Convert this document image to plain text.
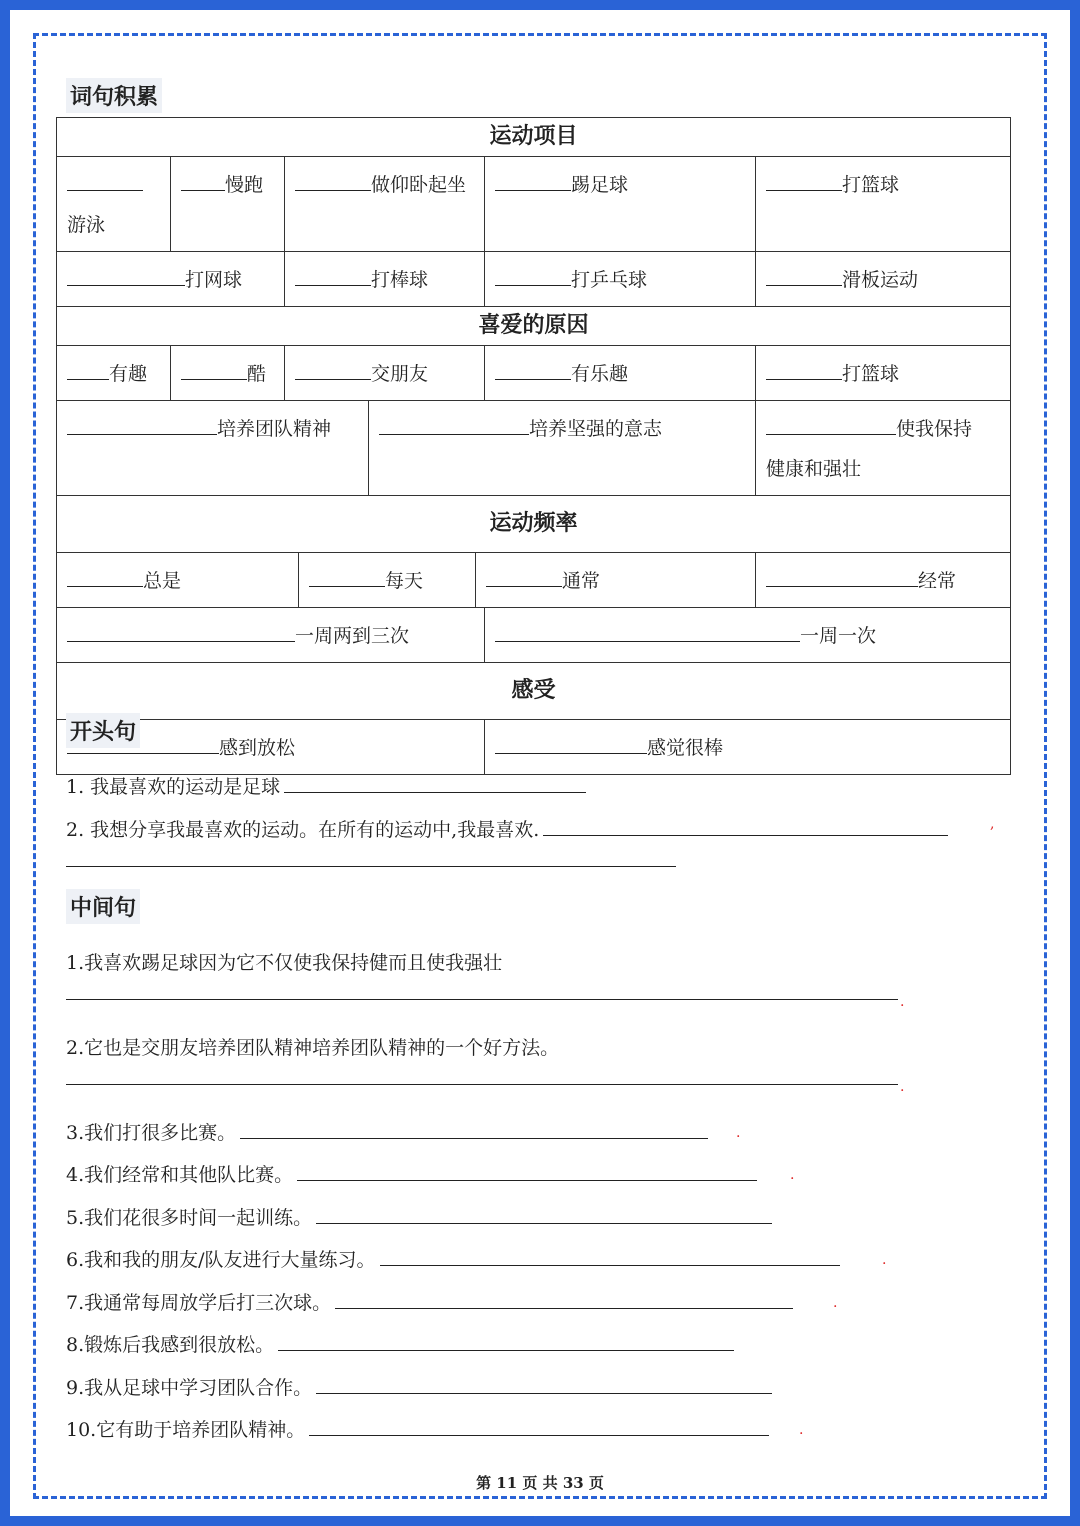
词句积累
运动项目							

游泳	慢跑	做仰卧起坐				踢足球	打篮球
打网球		打棒球				打乒乓球	滑板运动
喜爱的原因							
有趣	酷	交朋友				有乐趣	打篮球
培养团队精神				培养坚强的意志			使我保持
健康和强壮
运动频率							
总是			每天		通常		经常
一周两到三次						一周一次	
感受							
感到放松						感觉很棒	
开头句
1. 我最喜欢的运动是足球
2. 我想分享我最喜欢的运动。在所有的运动中,我最喜欢.	,
中间句
1.我喜欢踢足球因为它不仅使我保持健而且使我强壮
.
2.它也是交朋友培养团队精神培养团队精神的一个好方法。
.
3.我们打很多比赛。
4.我们经常和其他队比赛。
5.我们花很多时间一起训练。
6.我和我的朋友/队友进行大量练习。
7.我通常每周放学后打三次球。
8.锻炼后我感到很放松。
9.我从足球中学习团队合作。
10.它有助于培养团队精神。
.
.
.
.
.
第 11 页 共 33 页
